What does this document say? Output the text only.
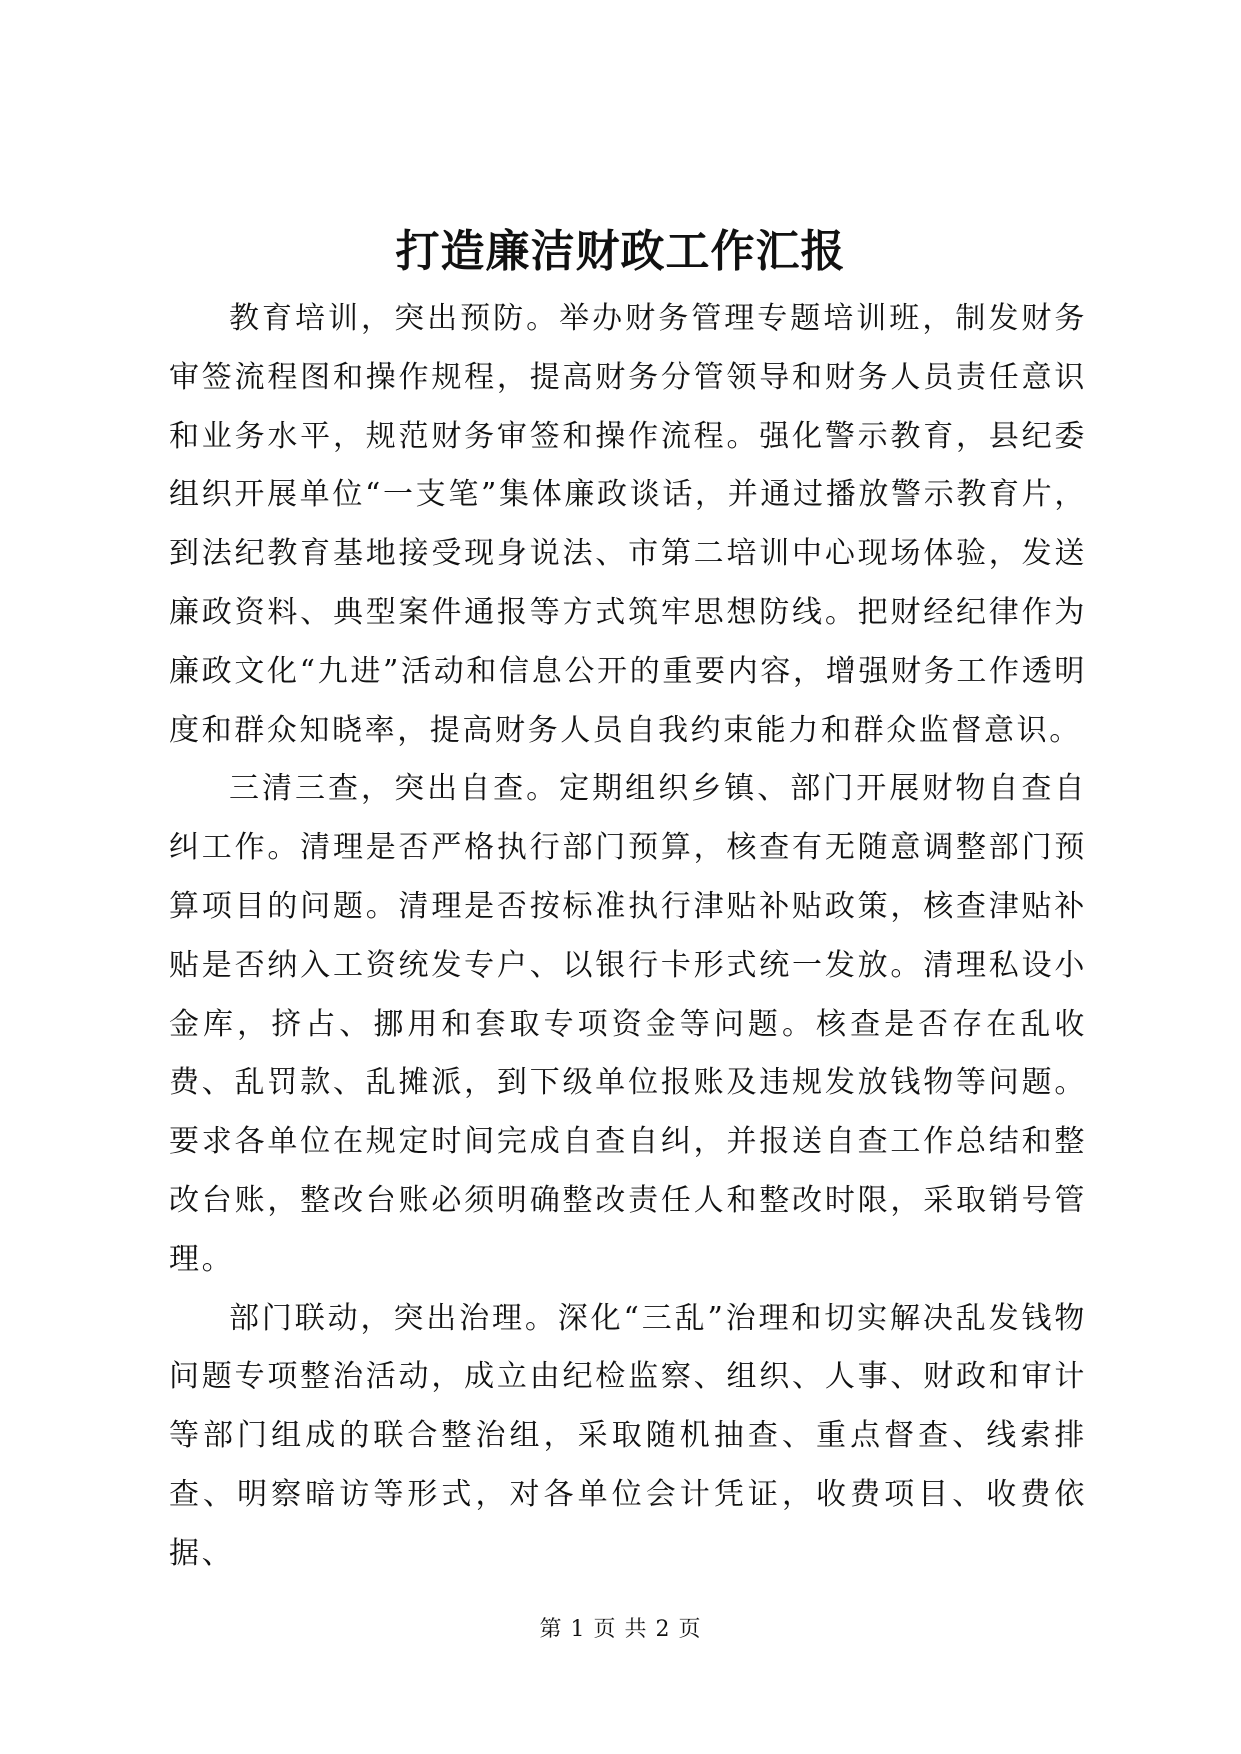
打造廉洁财政工作汇报

教育培训，突出预防。举办财务管理专题培训班，制发财务审签流程图和操作规程，提高财务分管领导和财务人员责任意识和业务水平，规范财务审签和操作流程。强化警示教育，县纪委组织开展单位“一支笔”集体廉政谈话，并通过播放警示教育片，到法纪教育基地接受现身说法、市第二培训中心现场体验，发送廉政资料、典型案件通报等方式筑牢思想防线。把财经纪律作为廉政文化“九进”活动和信息公开的重要内容，增强财务工作透明度和群众知晓率，提高财务人员自我约束能力和群众监督意识。

三清三查，突出自查。定期组织乡镇、部门开展财物自查自纠工作。清理是否严格执行部门预算，核查有无随意调整部门预算项目的问题。清理是否按标准执行津贴补贴政策，核查津贴补贴是否纳入工资统发专户、以银行卡形式统一发放。清理私设小金库，挤占、挪用和套取专项资金等问题。核查是否存在乱收费、乱罚款、乱摊派，到下级单位报账及违规发放钱物等问题。要求各单位在规定时间完成自查自纠，并报送自查工作总结和整改台账，整改台账必须明确整改责任人和整改时限，采取销号管理。

部门联动，突出治理。深化“三乱”治理和切实解决乱发钱物问题专项整治活动，成立由纪检监察、组织、人事、财政和审计等部门组成的联合整治组，采取随机抽查、重点督查、线索排查、明察暗访等形式，对各单位会计凭证，收费项目、收费依据、

第 1 页 共 2 页
